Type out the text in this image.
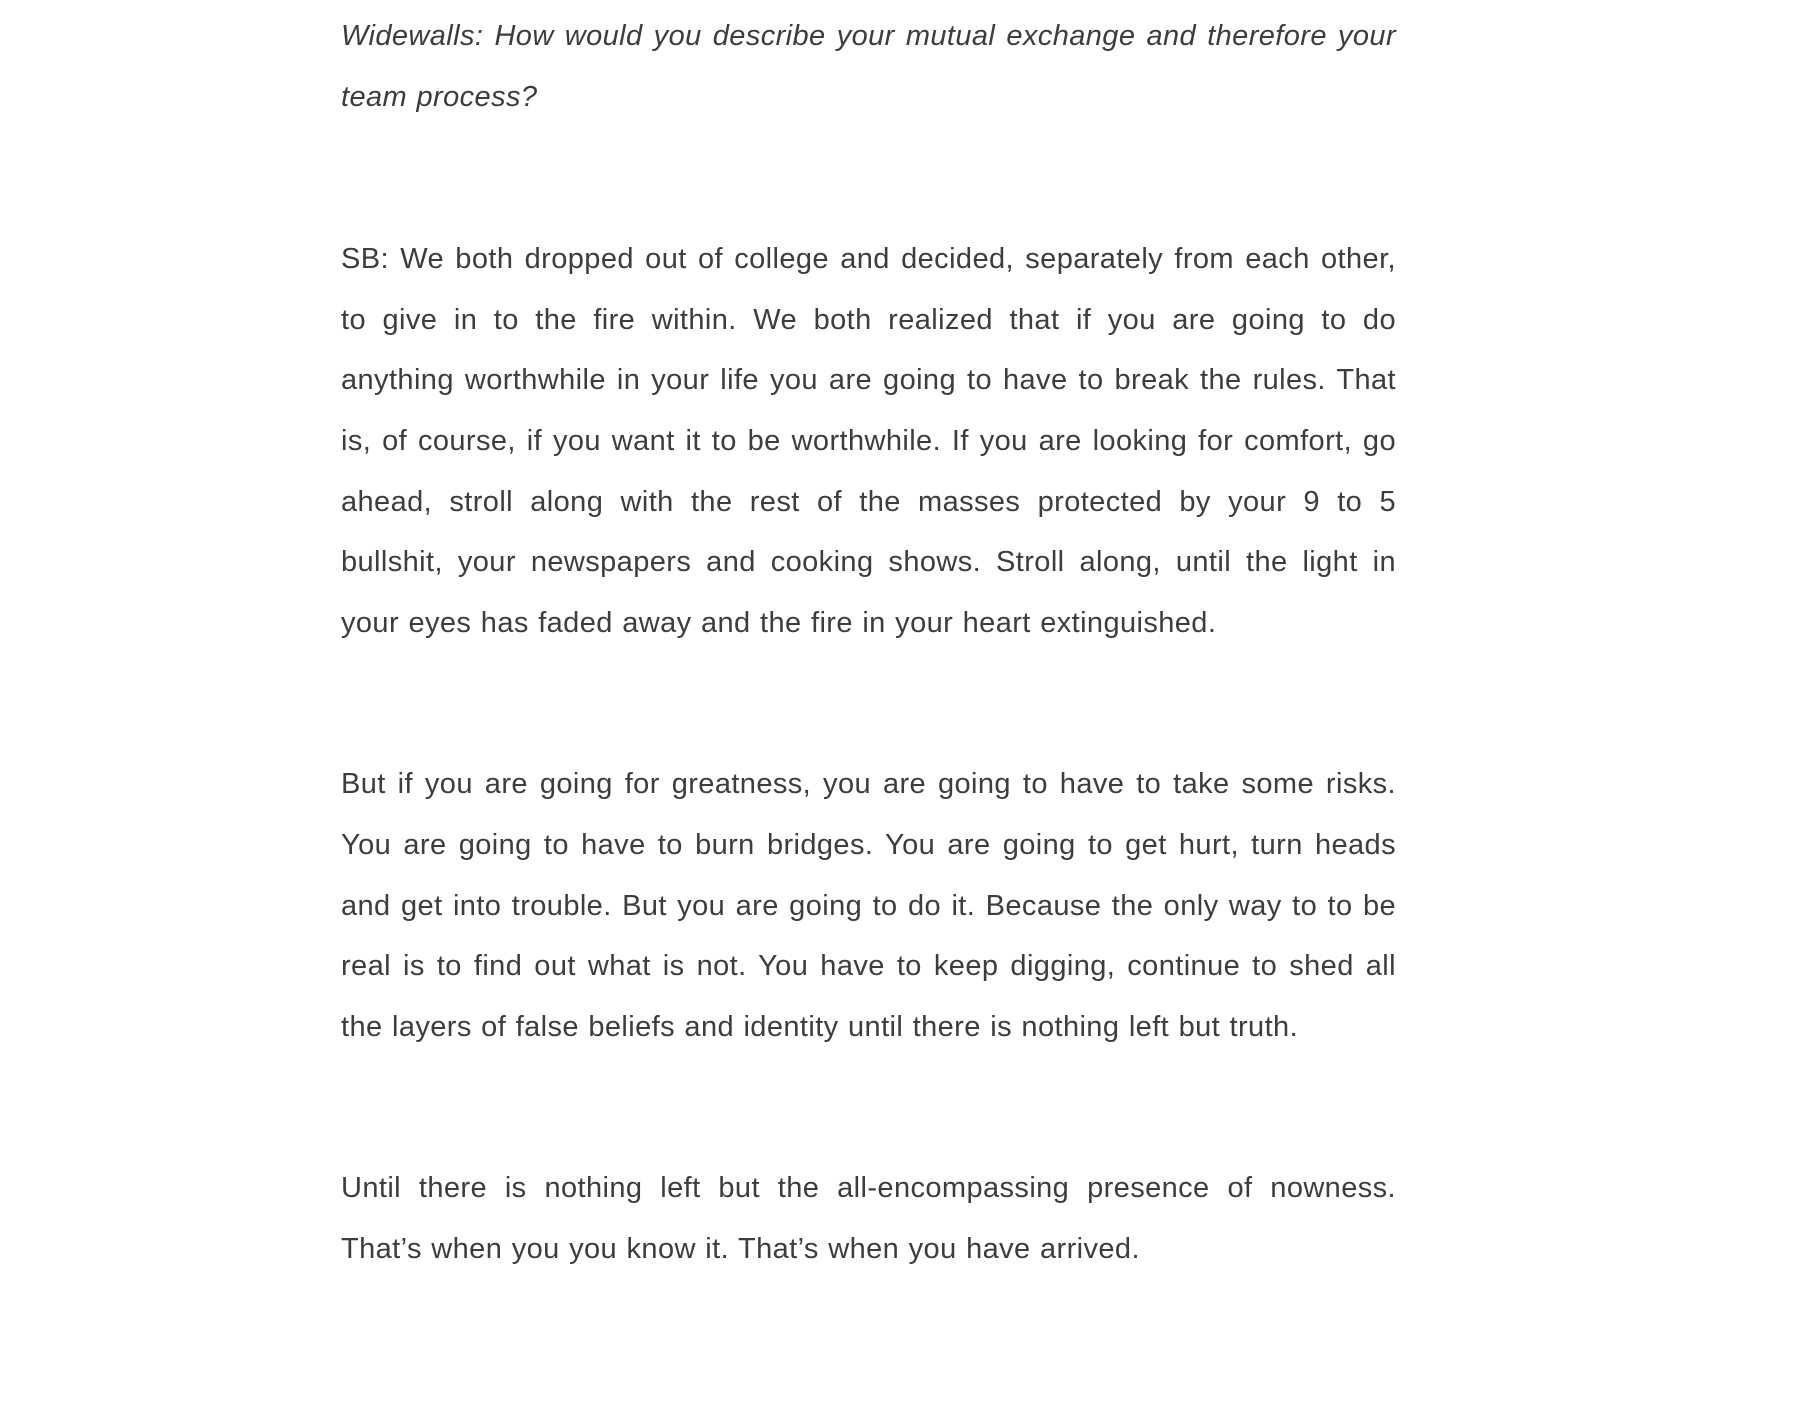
Widewalls: How would you describe your mutual exchange and therefore your team process?

SB: We both dropped out of college and decided, separately from each other, to give in to the fire within. We both realized that if you are going to do anything worthwhile in your life you are going to have to break the rules. That is, of course, if you want it to be worthwhile. If you are looking for comfort, go ahead, stroll along with the rest of the masses protected by your 9 to 5 bullshit, your newspapers and cooking shows. Stroll along, until the light in your eyes has faded away and the fire in your heart extinguished.

But if you are going for greatness, you are going to have to take some risks. You are going to have to burn bridges. You are going to get hurt, turn heads and get into trouble. But you are going to do it. Because the only way to to be real is to find out what is not. You have to keep digging, continue to shed all the layers of false beliefs and identity until there is nothing left but truth.

Until there is nothing left but the all-encompassing presence of nowness. That’s when you you know it. That’s when you have arrived.
